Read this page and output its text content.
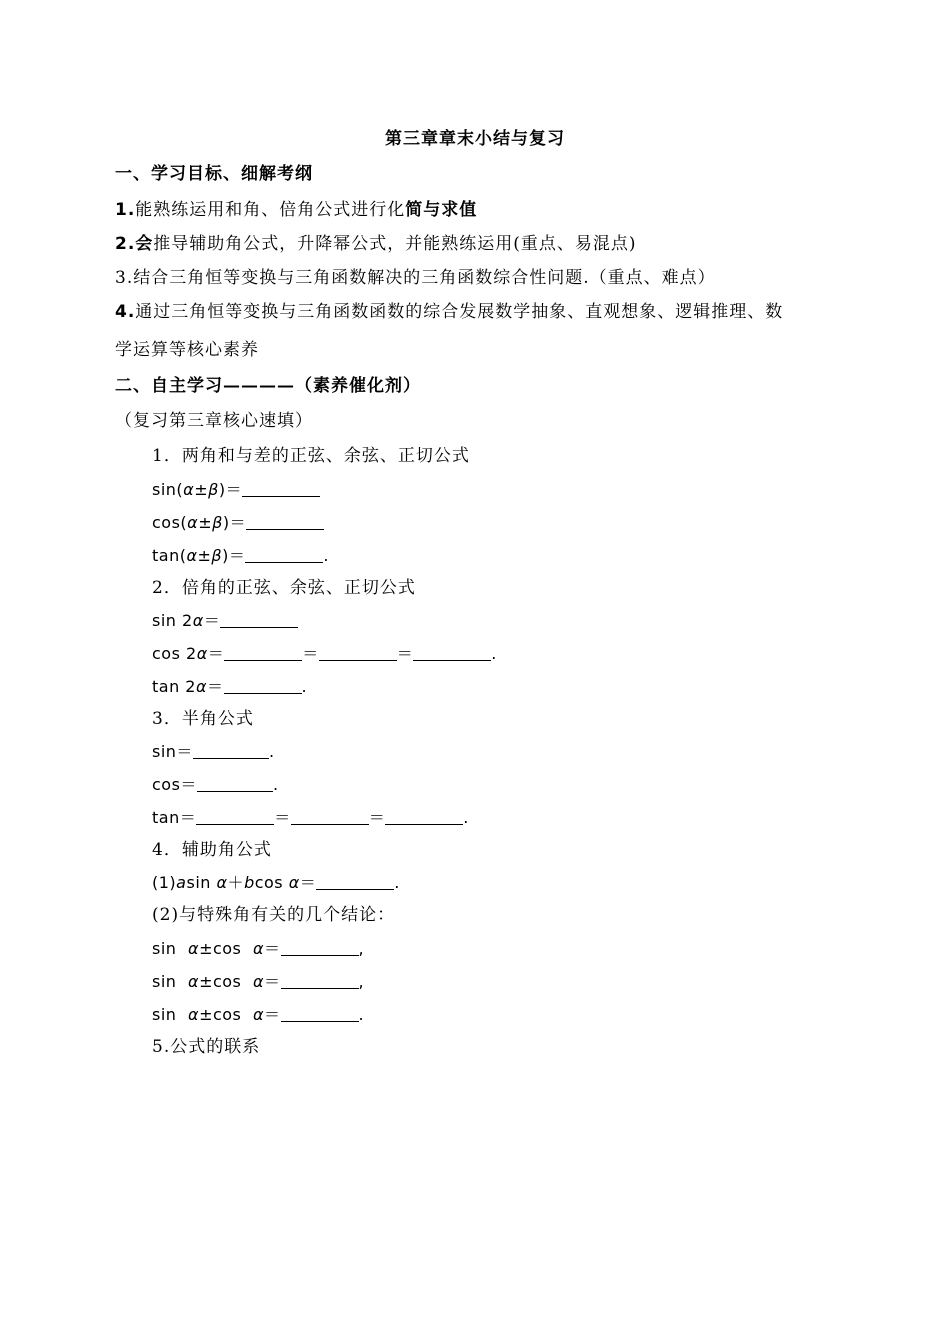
第三章章末小结与复习
一、学习目标、细解考纲
1.能熟练运用和角、倍角公式进行化简与求值
2.会推导辅助角公式，升降幂公式，并能熟练运用(重点、易混点)
3.结合三角恒等变换与三角函数解决的三角函数综合性问题.（重点、难点）
4.通过三角恒等变换与三角函数函数的综合发展数学抽象、直观想象、逻辑推理、数
学运算等核心素养
二、自主学习————（素养催化剂）
（复习第三章核心速填）
1．两角和与差的正弦、余弦、正切公式
sin(α±β)＝
cos(α±β)＝
tan(α±β)＝	.
2．倍角的正弦、余弦、正切公式
sin 2α＝
cos 2α＝	＝	＝	.
tan 2α＝	.
3．半角公式
sin＝	.
cos＝	.
tan＝	＝	＝	.
4．辅助角公式
(1)asin α＋bcos α＝	.
(2)与特殊角有关的几个结论：
sin α±cos α＝	,
sin α±cos α＝	,
sin α±cos α＝	.
5.公式的联系
